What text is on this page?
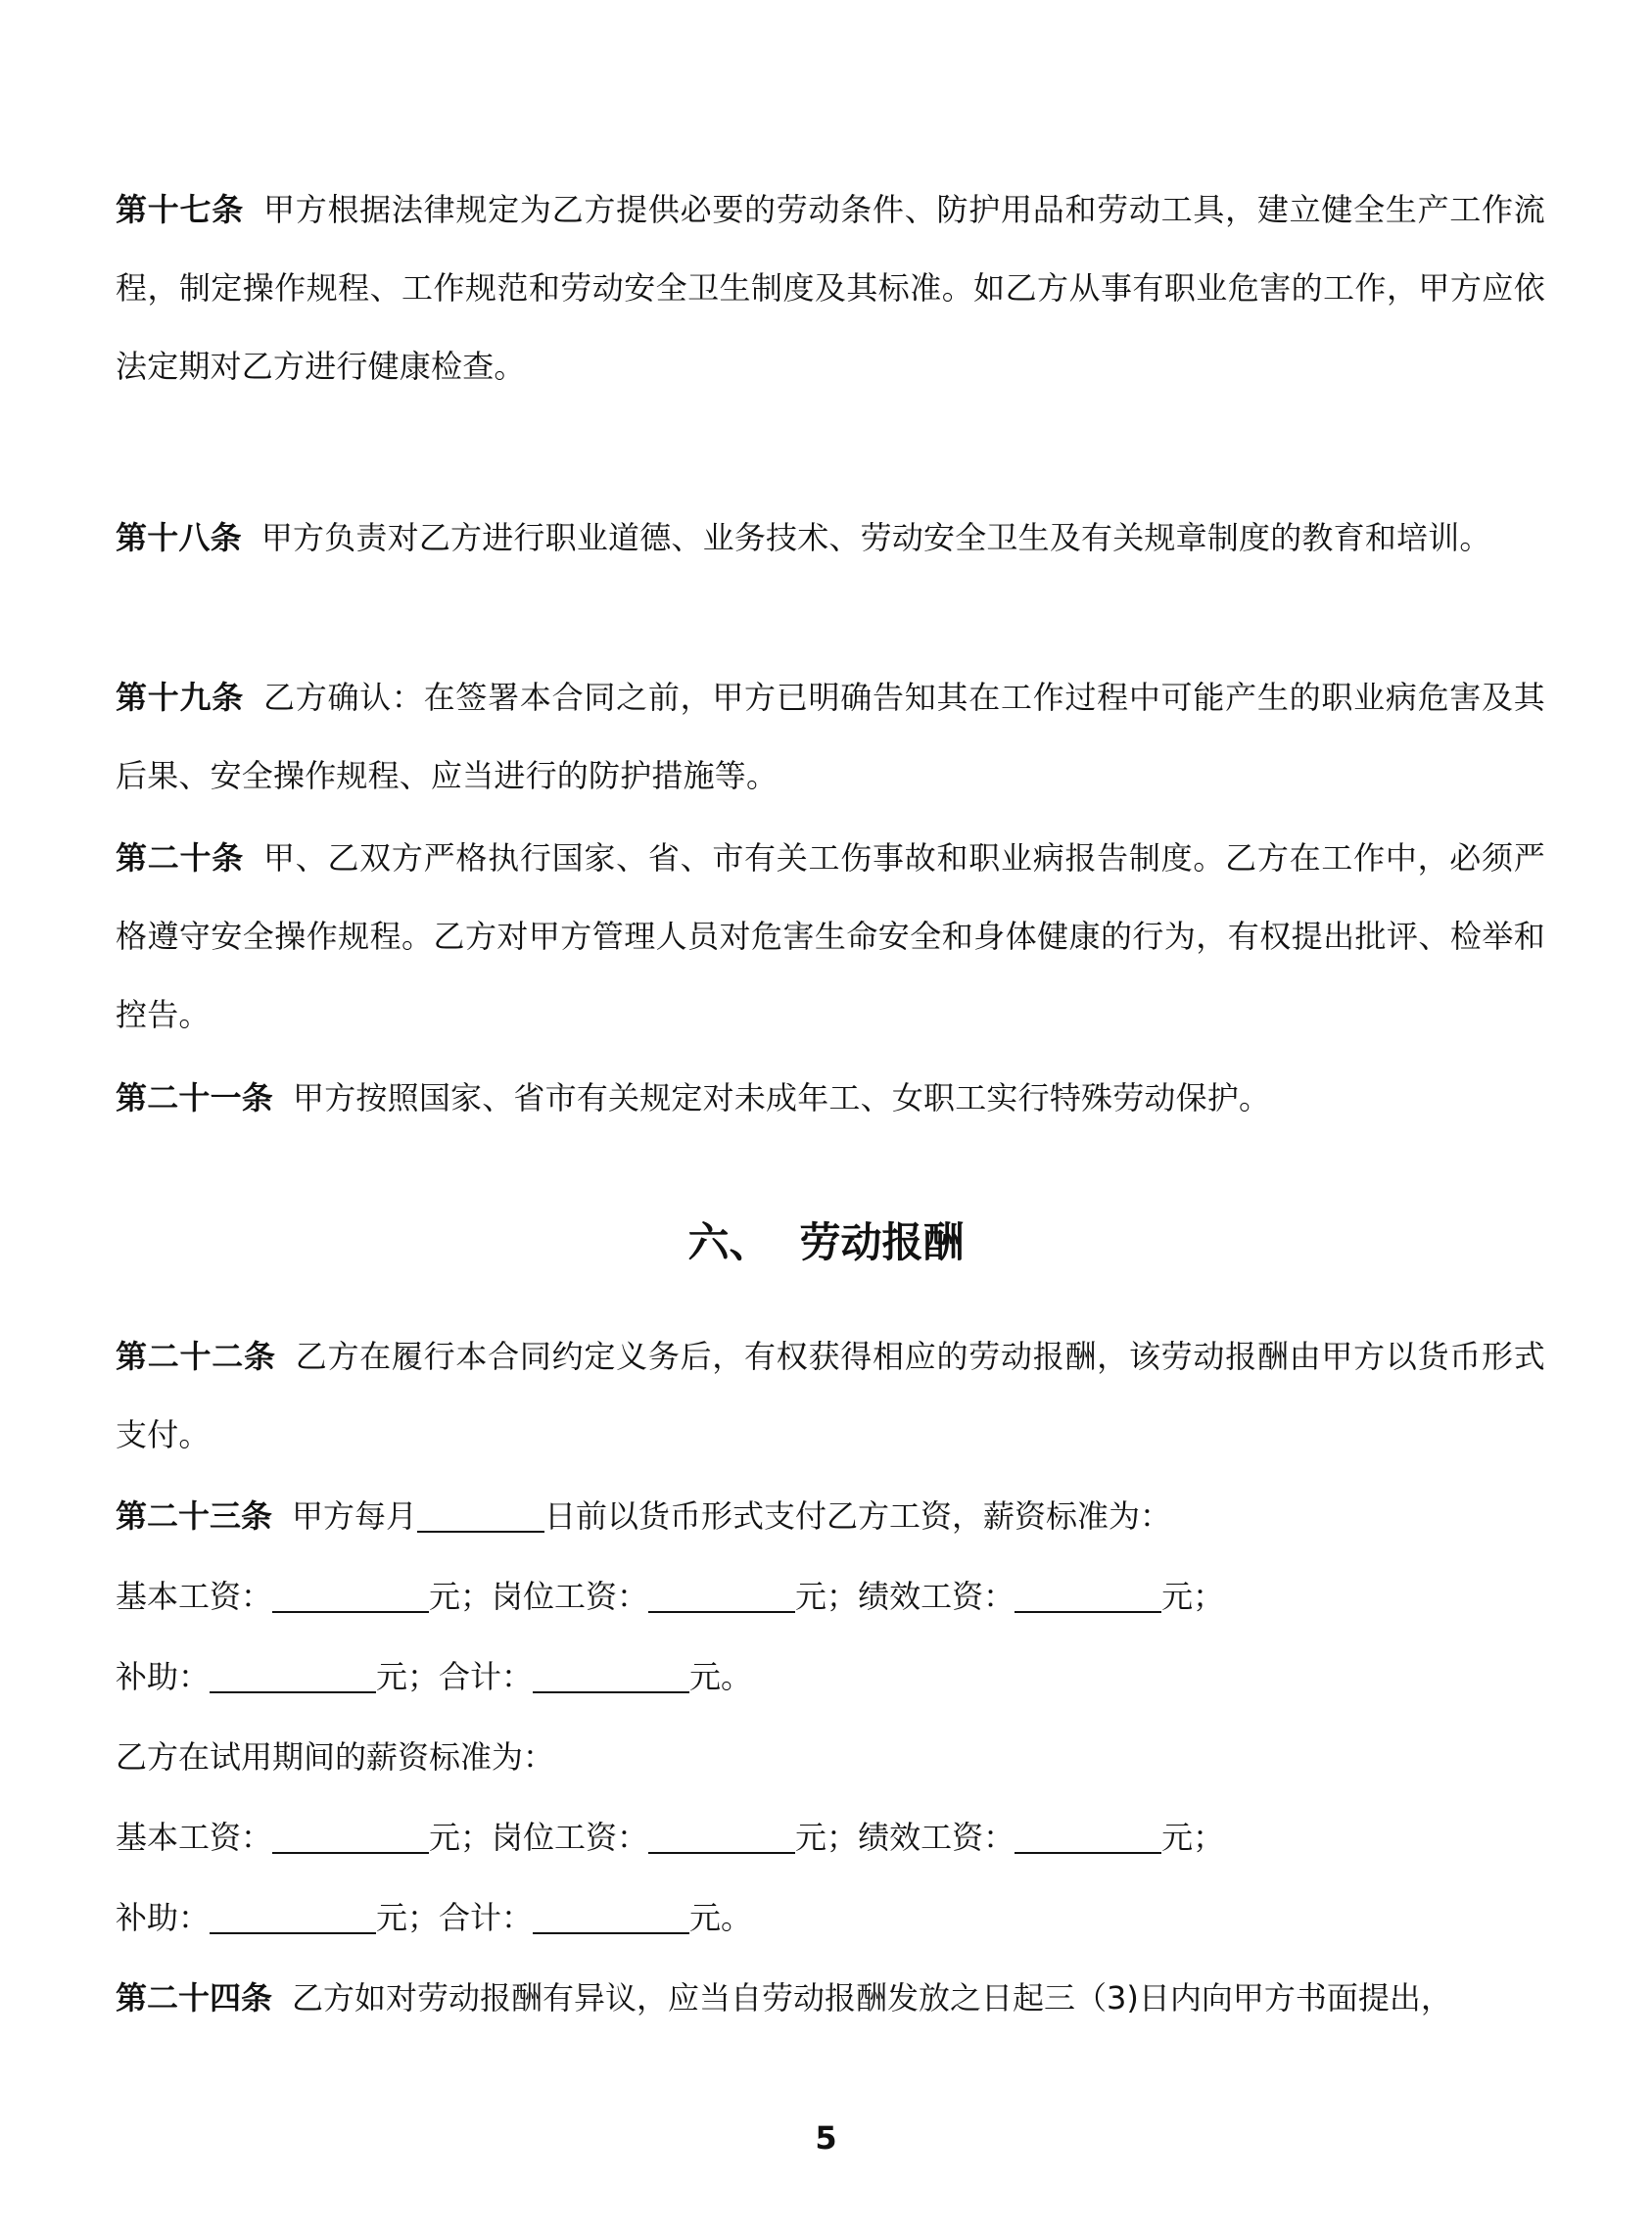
第十七条 甲方根据法律规定为乙方提供必要的劳动条件、防护用品和劳动工具，建立健全生产工作流程，制定操作规程、工作规范和劳动安全卫生制度及其标准。如乙方从事有职业危害的工作，甲方应依法定期对乙方进行健康检查。

第十八条 甲方负责对乙方进行职业道德、业务技术、劳动安全卫生及有关规章制度的教育和培训。

第十九条 乙方确认：在签署本合同之前，甲方已明确告知其在工作过程中可能产生的职业病危害及其后果、安全操作规程、应当进行的防护措施等。

第二十条 甲、乙双方严格执行国家、省、市有关工伤事故和职业病报告制度。乙方在工作中，必须严格遵守安全操作规程。乙方对甲方管理人员对危害生命安全和身体健康的行为，有权提出批评、检举和控告。

第二十一条 甲方按照国家、省市有关规定对未成年工、女职工实行特殊劳动保护。

六、 劳动报酬

第二十二条 乙方在履行本合同约定义务后，有权获得相应的劳动报酬，该劳动报酬由甲方以货币形式支付。

第二十三条 甲方每月	日前以货币形式支付乙方工资，薪资标准为：

基本工资：	元；岗位工资：	元；绩效工资：	元；

补助：	元；合计：	元。

乙方在试用期间的薪资标准为：

基本工资：	元；岗位工资：	元；绩效工资：	元；

补助：	元；合计：	元。

第二十四条 乙方如对劳动报酬有异议，应当自劳动报酬发放之日起三（3)日内向甲方书面提出，

5
